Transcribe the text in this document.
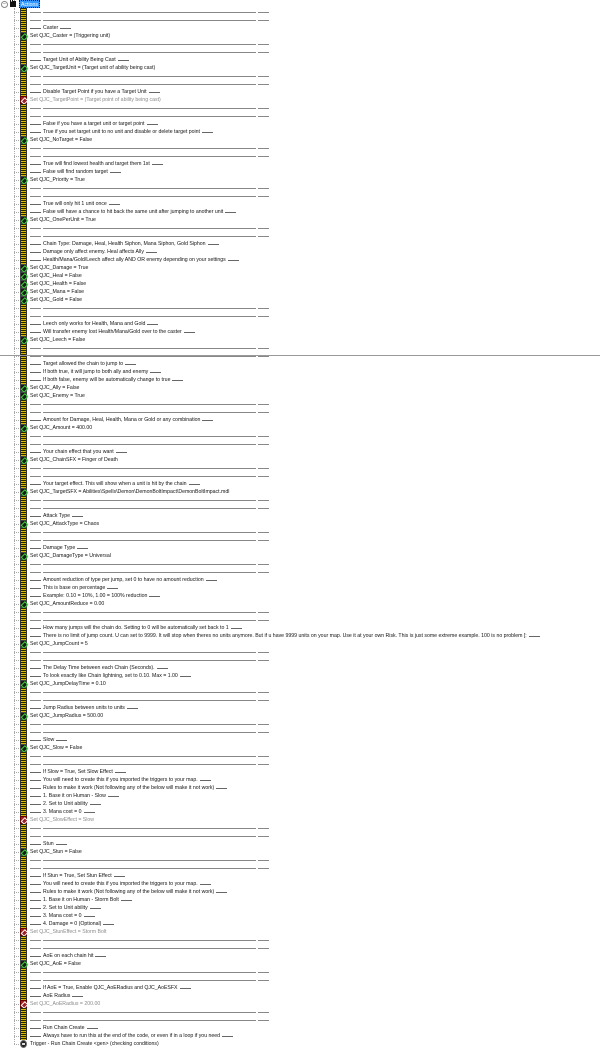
−	Actions
Caster
Set QJC_Caster = (Triggering unit)
Target Unit of Ability Being Cast
Set QJC_TargetUnit = (Target unit of ability being cast)
Disable Target Point if you have a Target Unit
Set QJC_TargetPoint = (Target point of ability being cast)
False if you have a target unit or target point
True if you set target unit to no unit and disable or delete target point
Set QJC_NoTarget = False
True will find lowest health and target them 1st
False will find random target
Set QJC_Priority = True
True will only hit 1 unit once
False will have a chance to hit back the same unit after jumping to another unit
Set QJC_OnePerUnit = True
Chain Type: Damage, Heal, Health Siphon, Mana Siphon, Gold Siphon
Damage only affect enemy. Heal affects Ally
Health/Mana/Gold/Leech affect ally AND OR enemy depending on your settings
Set QJC_Damage = True
Set QJC_Heal = False
Set QJC_Health = False
Set QJC_Mana = False
Set QJC_Gold = False
Leech only works for Health, Mana and Gold
Will transfer enemy lost Health/Mana/Gold over to the caster
Set QJC_Leech = False
Target allowed the chain to jump to
If both true, it will jump to both ally and enemy
If both false, enemy will be automatically change to true
Set QJC_Ally = False
Set QJC_Enemy = True
Amount for Damage, Heal, Health, Mana or Gold or any combination
Set QJC_Amount = 400.00
Your chain effect that you want
Set QJC_ChainSFX = Finger of Death
Your target effect. This will show when a unit is hit by the chain
Set QJC_TargetSFX = Abilities\Spells\Demon\DemonBoltImpact\DemonBoltImpact.mdl
Attack Type
Set QJC_AttackType = Chaos
Damage Type
Set QJC_DamageType = Universal
Amount reduction of type per jump, set 0 to have no amount reduction
This is base on percentage
Example: 0.10 = 10%, 1.00 = 100% reduction
Set QJC_AmountReduce = 0.00
How many jumps will the chain do. Setting to 0 will be automatically set back to 1
There is no limit of jump count. U can set to 9999. It will stop when theres no units anymore. But if u have 9999 units on your map. Use it at your own Risk. This is just some extreme example. 100 is no problem [:
Set QJC_JumpCount = 5
The Delay Time between each Chain (Seconds).
To look exactly like Chain lightning, set to 0.10. Max = 1.00
Set QJC_JumpDelayTime = 0.10
Jump Radius between units to units
Set QJC_JumpRadius = 500.00
Slow
Set QJC_Slow = False
If Slow = True, Set Slow Effect
You will need to create this if you imported the triggers to your map.
Rules to make it work (Not following any of the below will make it not work)
1. Base it on Human - Slow
2. Set to Unit ability
3. Mana cost = 0
Set QJC_SlowEffect = Slow
Stun
Set QJC_Stun = False
If Stun = True, Set Stun Effect
You will need to create this if you imported the triggers to your map.
Rules to make it work (Not following any of the below will make it not work)
1. Base it on Human - Storm Bolt
2. Set to Unit ability
3. Mana cost = 0
4. Damage = 0 (Optional)
Set QJC_StunEffect = Storm Bolt
AoE on each chain hit
Set QJC_AoE = False
If AoE = True, Enable QJC_AoERadius and QJC_AoESFX
AoE Radius
Set QJC_AoERadius = 200.00
Run Chain Create
Always have to run this at the end of the code, or even if in a loop if you need
Trigger - Run Chain Create <gen> (checking conditions)
